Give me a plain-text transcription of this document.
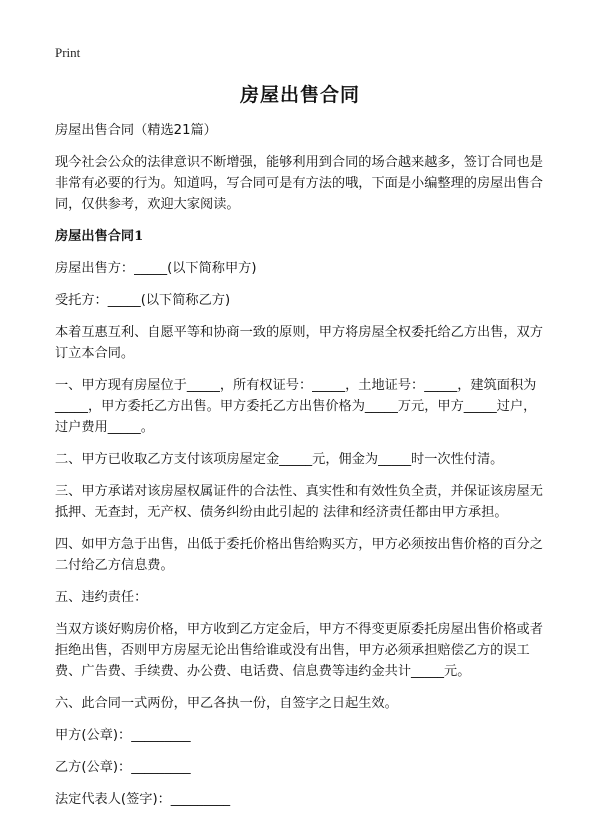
Print
房屋出售合同

房屋出售合同（精选21篇）

现今社会公众的法律意识不断增强，能够利用到合同的场合越来越多，签订合同也是非常有必要的行为。知道吗，写合同可是有方法的哦，下面是小编整理的房屋出售合同，仅供参考，欢迎大家阅读。

房屋出售合同1

房屋出售方：_____(以下简称甲方)

受托方：_____(以下简称乙方)

本着互惠互利、自愿平等和协商一致的原则，甲方将房屋全权委托给乙方出售，双方订立本合同。

一、甲方现有房屋位于_____，所有权证号：_____，土地证号：_____，建筑面积为_____，甲方委托乙方出售。甲方委托乙方出售价格为_____万元，甲方_____过户，过户费用_____。

二、甲方已收取乙方支付该项房屋定金_____元，佣金为_____时一次性付清。

三、甲方承诺对该房屋权属证件的合法性、真实性和有效性负全责，并保证该房屋无抵押、无查封，无产权、债务纠纷由此引起的 法律和经济责任都由甲方承担。

四、如甲方急于出售，出低于委托价格出售给购买方，甲方必须按出售价格的百分之二付给乙方信息费。

五、违约责任：

当双方谈好购房价格，甲方收到乙方定金后，甲方不得变更原委托房屋出售价格或者拒绝出售，否则甲方房屋无论出售给谁或没有出售，甲方必须承担赔偿乙方的误工费、广告费、手续费、办公费、电话费、信息费等违约金共计_____元。

六、此合同一式两份，甲乙各执一份，自签字之日起生效。

甲方(公章)：_________

乙方(公章)：_________

法定代表人(签字)：_________
